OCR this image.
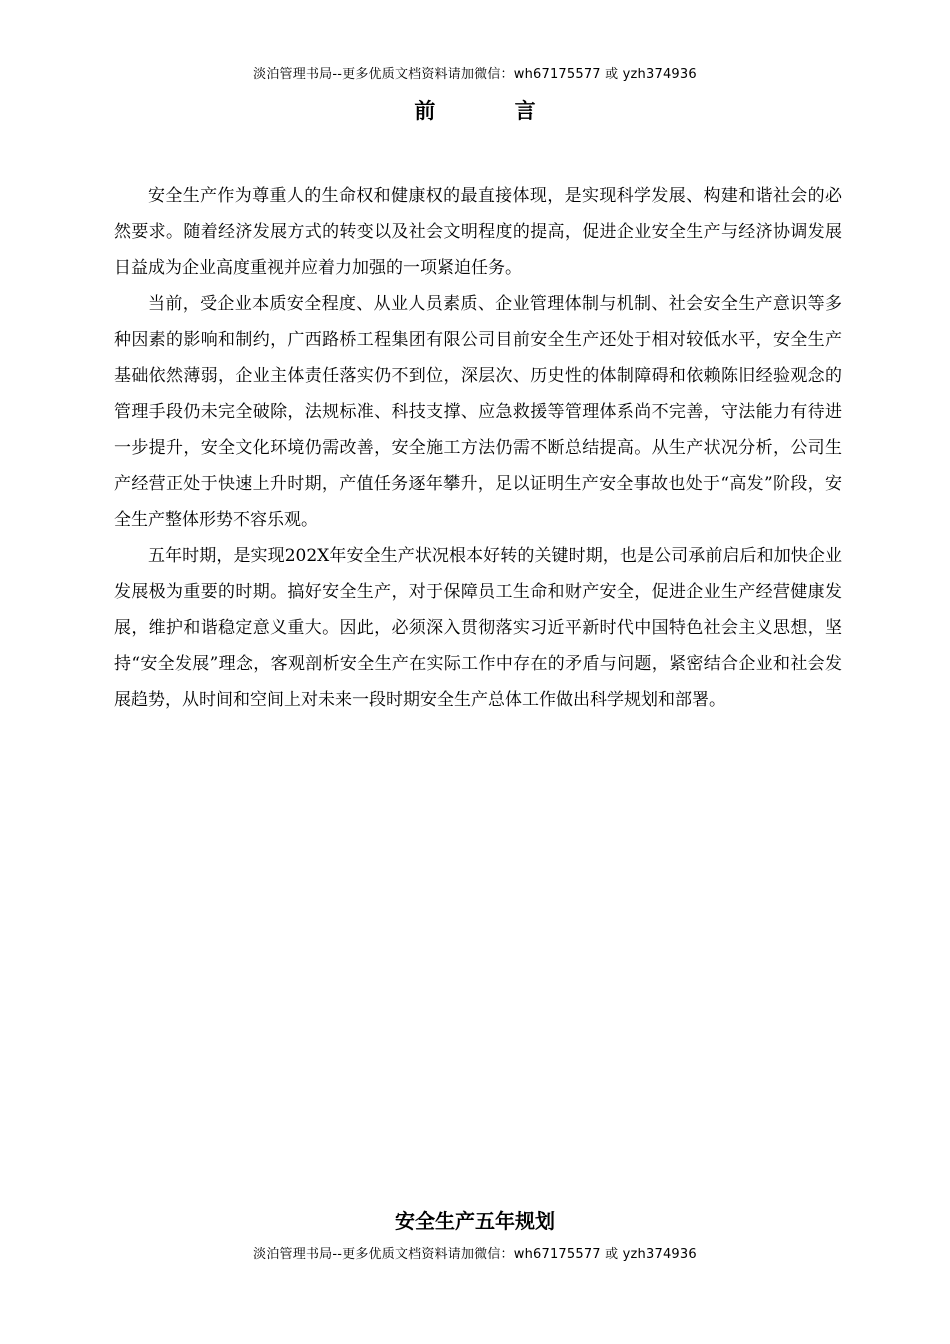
淡泊管理书局--更多优质文档资料请加微信：wh67175577 或 yzh374936
前 言

安全生产作为尊重人的生命权和健康权的最直接体现，是实现科学发展、构建和谐社会的必然要求。随着经济发展方式的转变以及社会文明程度的提高，促进企业安全生产与经济协调发展日益成为企业高度重视并应着力加强的一项紧迫任务。

当前，受企业本质安全程度、从业人员素质、企业管理体制与机制、社会安全生产意识等多种因素的影响和制约，广西路桥工程集团有限公司目前安全生产还处于相对较低水平，安全生产基础依然薄弱，企业主体责任落实仍不到位，深层次、历史性的体制障碍和依赖陈旧经验观念的管理手段仍未完全破除，法规标准、科技支撑、应急救援等管理体系尚不完善，守法能力有待进一步提升，安全文化环境仍需改善，安全施工方法仍需不断总结提高。从生产状况分析，公司生产经营正处于快速上升时期，产值任务逐年攀升，足以证明生产安全事故也处于“高发”阶段，安全生产整体形势不容乐观。

五年时期，是实现202X年安全生产状况根本好转的关键时期，也是公司承前启后和加快企业发展极为重要的时期。搞好安全生产，对于保障员工生命和财产安全，促进企业生产经营健康发展，维护和谐稳定意义重大。因此，必须深入贯彻落实习近平新时代中国特色社会主义思想，坚持“安全发展”理念，客观剖析安全生产在实际工作中存在的矛盾与问题，紧密结合企业和社会发展趋势，从时间和空间上对未来一段时期安全生产总体工作做出科学规划和部署。

安全生产五年规划
淡泊管理书局--更多优质文档资料请加微信：wh67175577 或 yzh374936
